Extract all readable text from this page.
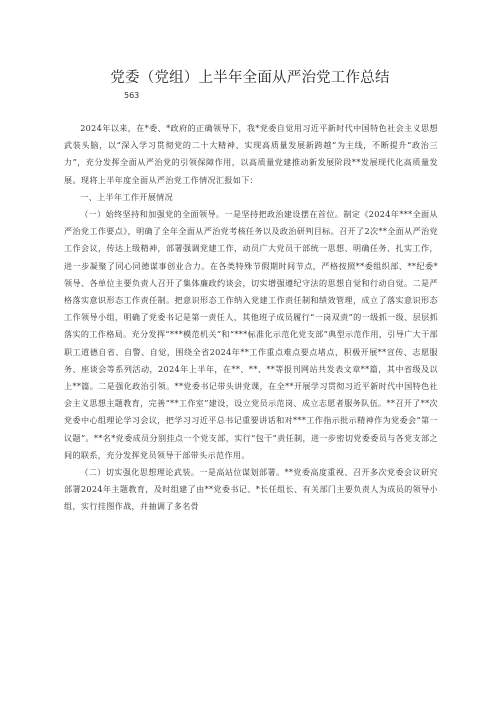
党委（党组）上半年全面从严治党工作总结
563

2024年以来，在*委、*政府的正确领导下，我*党委自觉用习近平新时代中国特色社会主义思想武装头脑，以“深入学习贯彻党的二十大精神、实现高质量发展新跨越”为主线，不断提升“政治三力”，充分发挥全面从严治党的引领保障作用，以高质量党建推动新发展阶段**发展现代化高质量发展。现将上半年度全面从严治党工作情况汇报如下：

一、上半年工作开展情况

（一）始终坚持和加强党的全面领导。一是坚持把政治建设摆在首位。制定《2024年***全面从严治党工作要点》，明确了全年全面从严治党考核任务以及政治研判目标。召开了2次**全面从严治党工作会议，传达上级精神，部署强调党建工作，动员广大党员干部统一思想、明确任务、扎实工作，进一步凝聚了同心同德谋事创业合力。在各类特殊节假期时间节点，严格按照**委组织部、**纪委*领导、各单位主要负责人召开了集体廉政约谈会，切实增强遵纪守法的思想自觉和行动自觉。二是严格落实意识形态工作责任制。把意识形态工作纳入党建工作责任制和绩效管理，成立了落实意识形态工作领导小组，明确了党委书记是第一责任人，其他班子成员履行“一岗双责”的一级抓一级、层层抓落实的工作格局。充分发挥“***模范机关”和“***标准化示范化党支部”典型示范作用，引导广大干部职工道德自省、自警、自觉，围绕全省2024年**工作重点难点要点堵点，积极开展**宣传、志愿服务、座谈会等系列活动，2024年上半年，在**、**、**等报刊网站共发表文章**篇，其中省级及以上**篇。二是强化政治引领。**党委书记带头讲党课，在全**开展学习贯彻习近平新时代中国特色社会主义思想主题教育，完善“**工作室”建设，设立党员示范岗、成立志愿者服务队伍。**召开了**次党委中心组理论学习会议，把学习习近平总书记重要讲话和对***工作指示批示精神作为党委会“第一议题”。**名*党委成员分别挂点一个党支部，实行“包干”责任制，进一步密切党委委员与各党支部之间的联系，充分发挥党员领导干部带头示范作用。

（二）切实强化思想理论武装。一是高站位谋划部署。**党委高度重视、召开多次党委会议研究部署2024年主题教育，及时组建了由**党委书记、*长任组长、有关部门主要负责人为成员的领导小组，实行挂图作战，并抽调了多名骨
